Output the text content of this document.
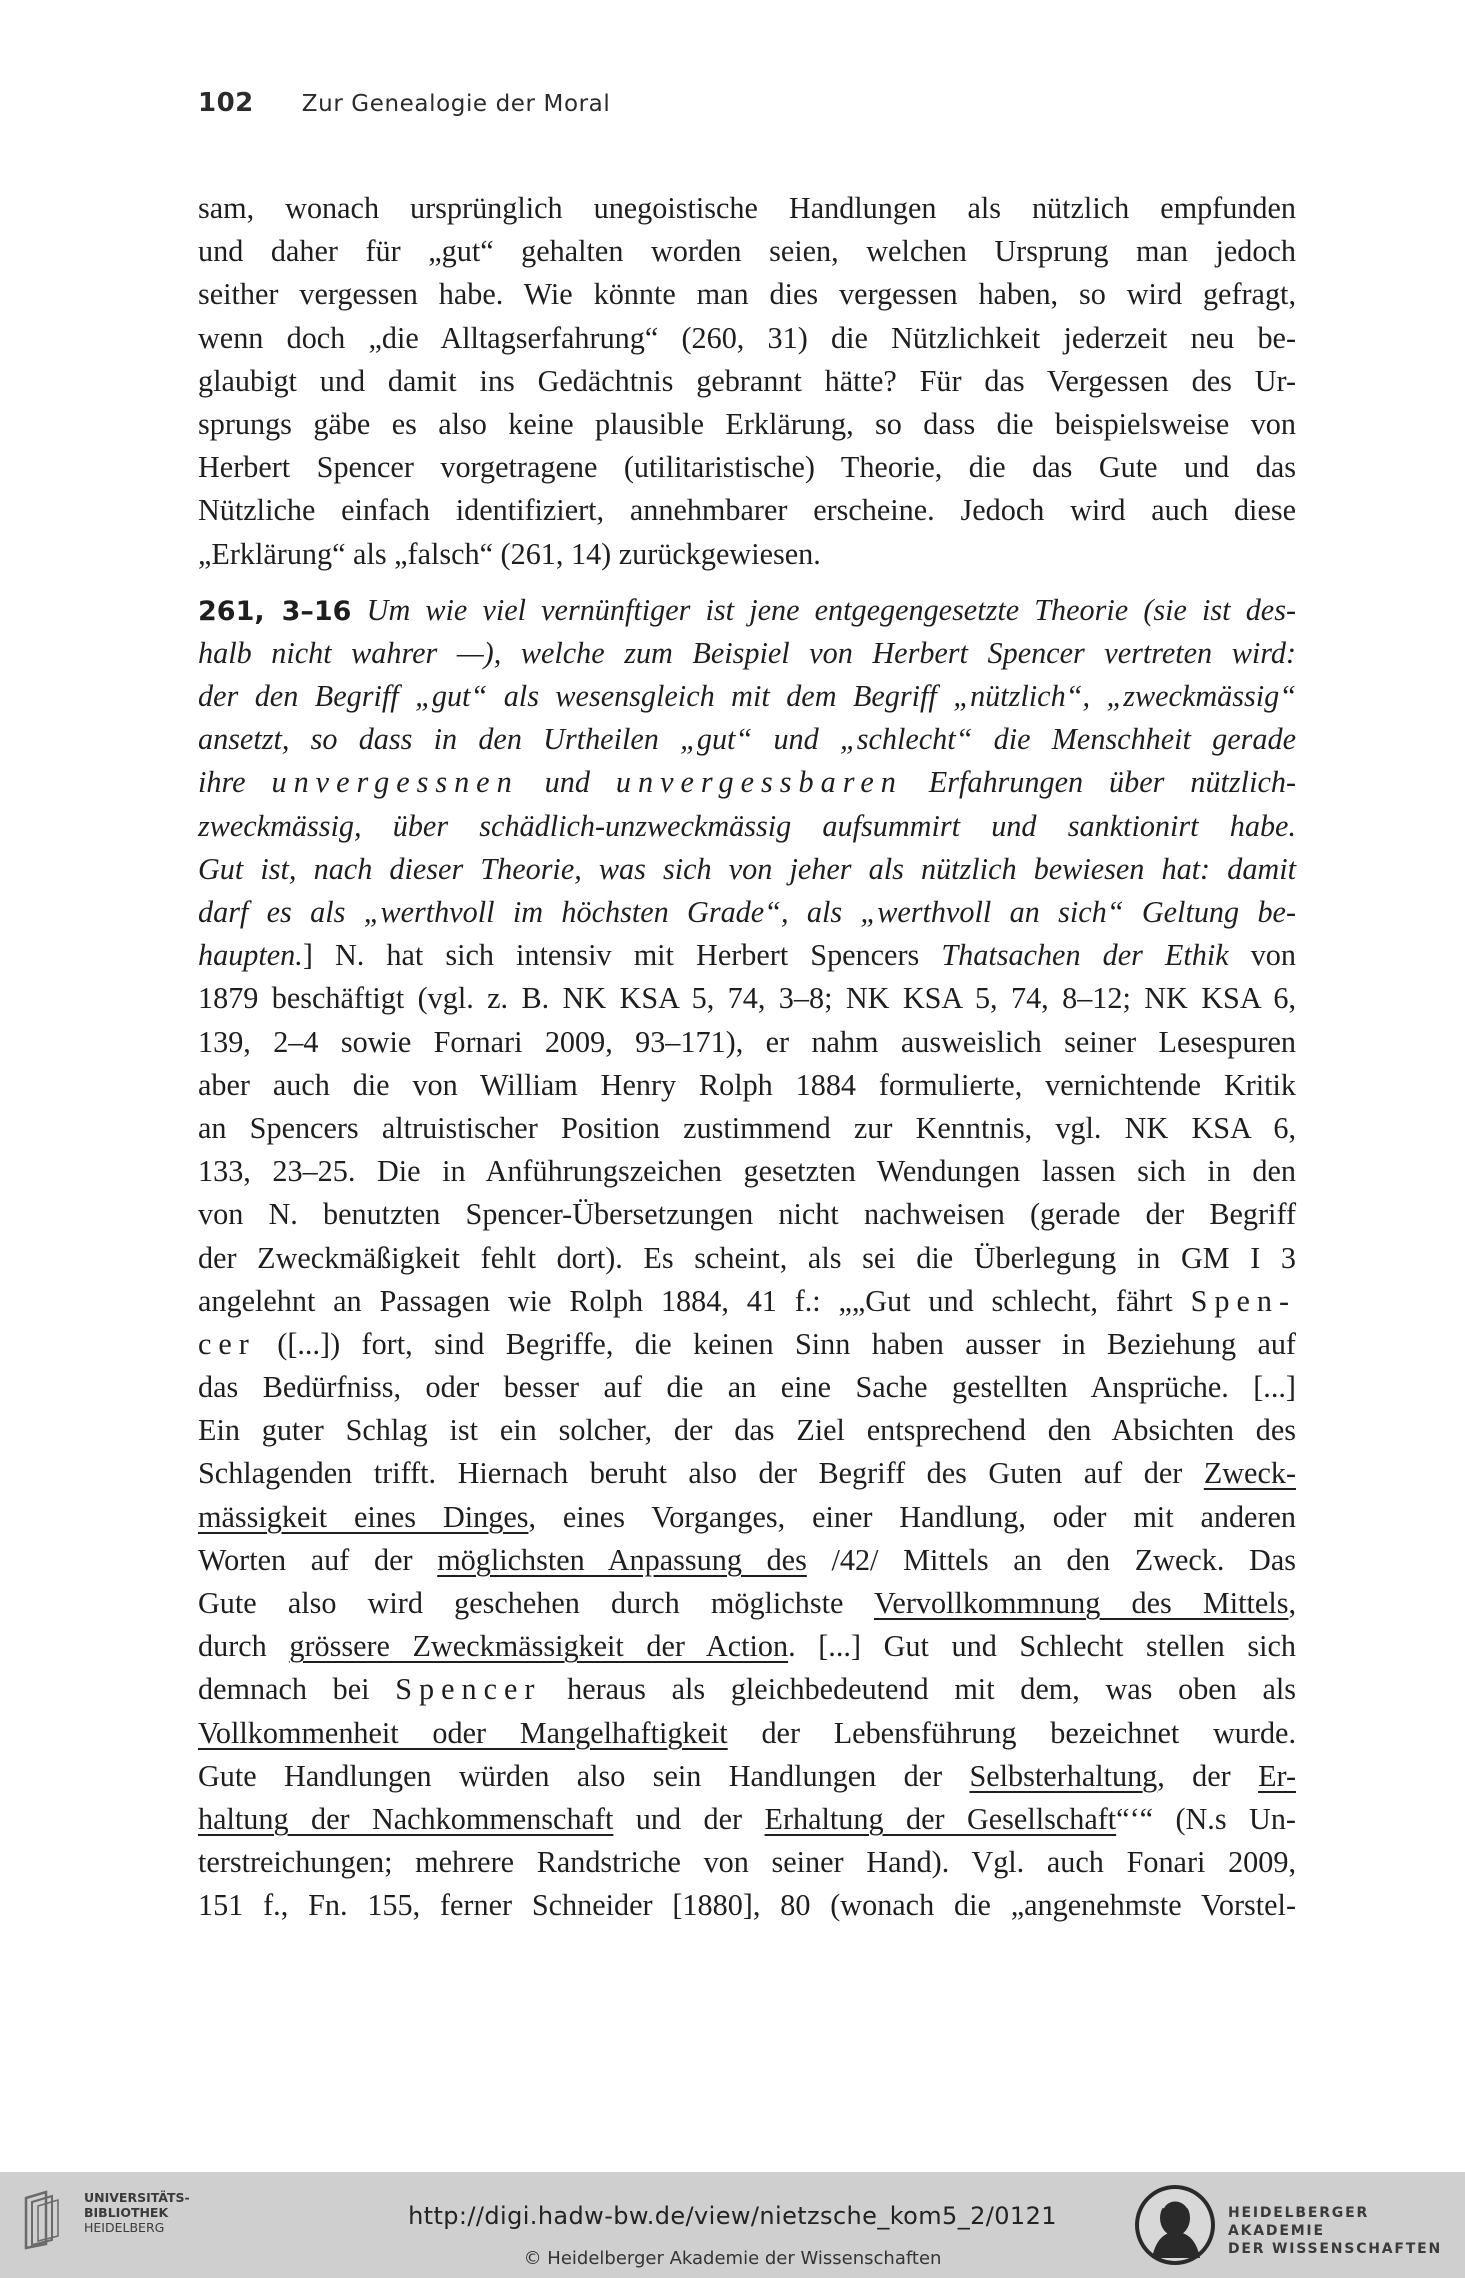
102 Zur Genealogie der Moral
sam, wonach ursprünglich unegoistische Handlungen als nützlich empfunden
und daher für „gut“ gehalten worden seien, welchen Ursprung man jedoch
seither vergessen habe. Wie könnte man dies vergessen haben, so wird gefragt,
wenn doch „die Alltagserfahrung“ (260, 31) die Nützlichkeit jederzeit neu be-
glaubigt und damit ins Gedächtnis gebrannt hätte? Für das Vergessen des Ur-
sprungs gäbe es also keine plausible Erklärung, so dass die beispielsweise von
Herbert Spencer vorgetragene (utilitaristische) Theorie, die das Gute und das
Nützliche einfach identifiziert, annehmbarer erscheine. Jedoch wird auch diese
„Erklärung“ als „falsch“ (261, 14) zurückgewiesen.
261, 3–16 Um wie viel vernünftiger ist jene entgegengesetzte Theorie (sie ist des-
halb nicht wahrer —), welche zum Beispiel von Herbert Spencer vertreten wird:
der den Begriff „gut“ als wesensgleich mit dem Begriff „nützlich“, „zweckmässig“
ansetzt, so dass in den Urtheilen „gut“ und „schlecht“ die Menschheit gerade
ihre unvergessnen und unvergessbaren Erfahrungen über nützlich-
zweckmässig, über schädlich-unzweckmässig aufsummirt und sanktionirt habe.
Gut ist, nach dieser Theorie, was sich von jeher als nützlich bewiesen hat: damit
darf es als „werthvoll im höchsten Grade“, als „werthvoll an sich“ Geltung be-
haupten.] N. hat sich intensiv mit Herbert Spencers Thatsachen der Ethik von
1879 beschäftigt (vgl. z. B. NK KSA 5, 74, 3–8; NK KSA 5, 74, 8–12; NK KSA 6,
139, 2–4 sowie Fornari 2009, 93–171), er nahm ausweislich seiner Lesespuren
aber auch die von William Henry Rolph 1884 formulierte, vernichtende Kritik
an Spencers altruistischer Position zustimmend zur Kenntnis, vgl. NK KSA 6,
133, 23–25. Die in Anführungszeichen gesetzten Wendungen lassen sich in den
von N. benutzten Spencer-Übersetzungen nicht nachweisen (gerade der Begriff
der Zweckmäßigkeit fehlt dort). Es scheint, als sei die Überlegung in GM I 3
angelehnt an Passagen wie Rolph 1884, 41 f.: „„Gut und schlecht, fährt Spen-
cer ([...]) fort, sind Begriffe, die keinen Sinn haben ausser in Beziehung auf
das Bedürfniss, oder besser auf die an eine Sache gestellten Ansprüche. [...]
Ein guter Schlag ist ein solcher, der das Ziel entsprechend den Absichten des
Schlagenden trifft. Hiernach beruht also der Begriff des Guten auf der Zweck-
mässigkeit eines Dinges, eines Vorganges, einer Handlung, oder mit anderen
Worten auf der möglichsten Anpassung des /42/ Mittels an den Zweck. Das
Gute also wird geschehen durch möglichste Vervollkommnung des Mittels,
durch grössere Zweckmässigkeit der Action. [...] Gut und Schlecht stellen sich
demnach bei Spencer heraus als gleichbedeutend mit dem, was oben als
Vollkommenheit oder Mangelhaftigkeit der Lebensführung bezeichnet wurde.
Gute Handlungen würden also sein Handlungen der Selbsterhaltung, der Er-
haltung der Nachkommenschaft und der Erhaltung der Gesellschaft“‘“ (N.s Un-
terstreichungen; mehrere Randstriche von seiner Hand). Vgl. auch Fonari 2009,
151 f., Fn. 155, ferner Schneider [1880], 80 (wonach die „angenehmste Vorstel-
UNIVERSITÄTS-
BIBLIOTHEK
HEIDELBERG	http://digi.hadw-bw.de/view/nietzsche_kom5_2/0121
© Heidelberger Akademie der Wissenschaften
HEIDELBERGER AKADEMIE
DER WISSENSCHAFTEN
